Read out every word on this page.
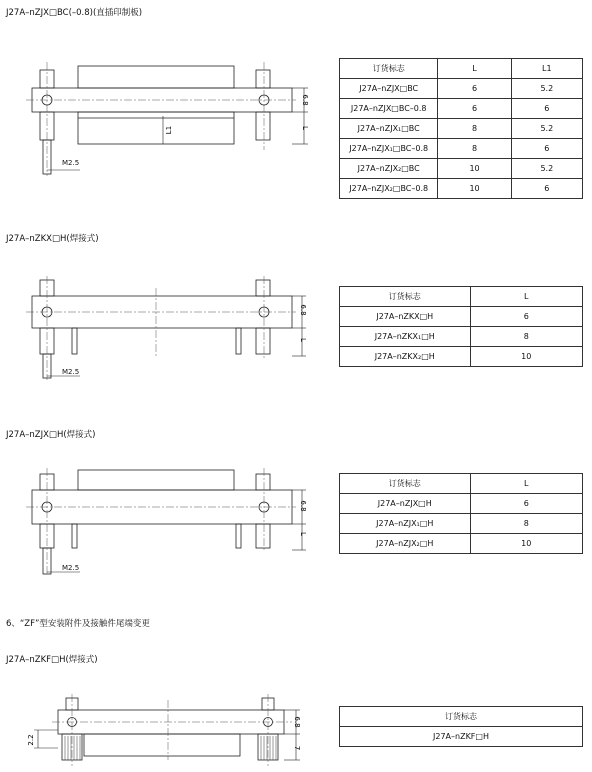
J27A–nZJX□BC(–0.8)(直插印制板)
6.8
L
L1
M2.5
订货标志	L	L1
J27A–nZJX□BC	6	5.2
J27A–nZJX□BC–0.8	6	6
J27A–nZJX₁□BC	8	5.2
J27A–nZJX₁□BC–0.8	8	6
J27A–nZJX₂□BC	10	5.2
J27A–nZJX₂□BC–0.8	10	6
J27A–nZKX□H(焊接式)
6.8
L
M2.5
订货标志	L
J27A–nZKX□H	6
J27A–nZKX₁□H	8
J27A–nZKX₂□H	10
J27A–nZJX□H(焊接式)
6.8
L
M2.5
订货标志	L
J27A–nZJX□H	6
J27A–nZJX₁□H	8
J27A–nZJX₂□H	10
6、“ZF”型安装附件及接触件尾端变更
J27A–nZKF□H(焊接式)
6.8
7
2.2
订货标志
J27A–nZKF□H
